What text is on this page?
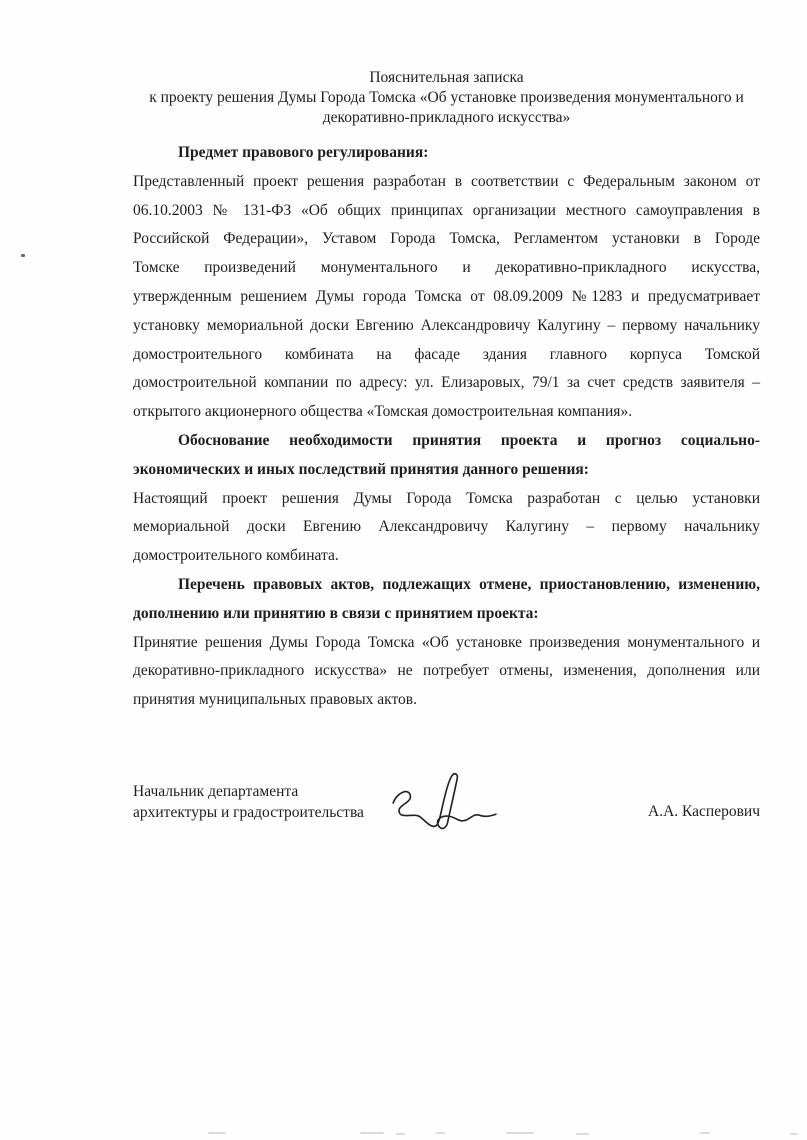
Пояснительная записка
к проекту решения Думы Города Томска «Об установке произведения монументального и
декоративно-прикладного искусства»
Предмет правового регулирования:
Представленный проект решения разработан в соответствии с Федеральным законом от
06.10.2003 № 131-ФЗ «Об общих принципах организации местного самоуправления в
Российской Федерации», Уставом Города Томска, Регламентом установки в Городе
Томске произведений монументального и декоративно-прикладного искусства,
утвержденным решением Думы города Томска от 08.09.2009 №1283 и предусматривает
установку мемориальной доски Евгению Александровичу Калугину – первому начальнику
домостроительного комбината на фасаде здания главного корпуса Томской
домостроительной компании по адресу: ул. Елизаровых, 79/1 за счет средств заявителя –
открытого акционерного общества «Томская домостроительная компания».
Обоснование необходимости принятия проекта и прогноз социально-
экономических и иных последствий принятия данного решения:
Настоящий проект решения Думы Города Томска разработан с целью установки
мемориальной доски Евгению Александровичу Калугину – первому начальнику
домостроительного комбината.
Перечень правовых актов, подлежащих отмене, приостановлению, изменению,
дополнению или принятию в связи с принятием проекта:
Принятие решения Думы Города Томска «Об установке произведения монументального и
декоративно-прикладного искусства» не потребует отмены, изменения, дополнения или
принятия муниципальных правовых актов.
Начальник департамента
архитектуры и градостроительства	А.А. Касперович
